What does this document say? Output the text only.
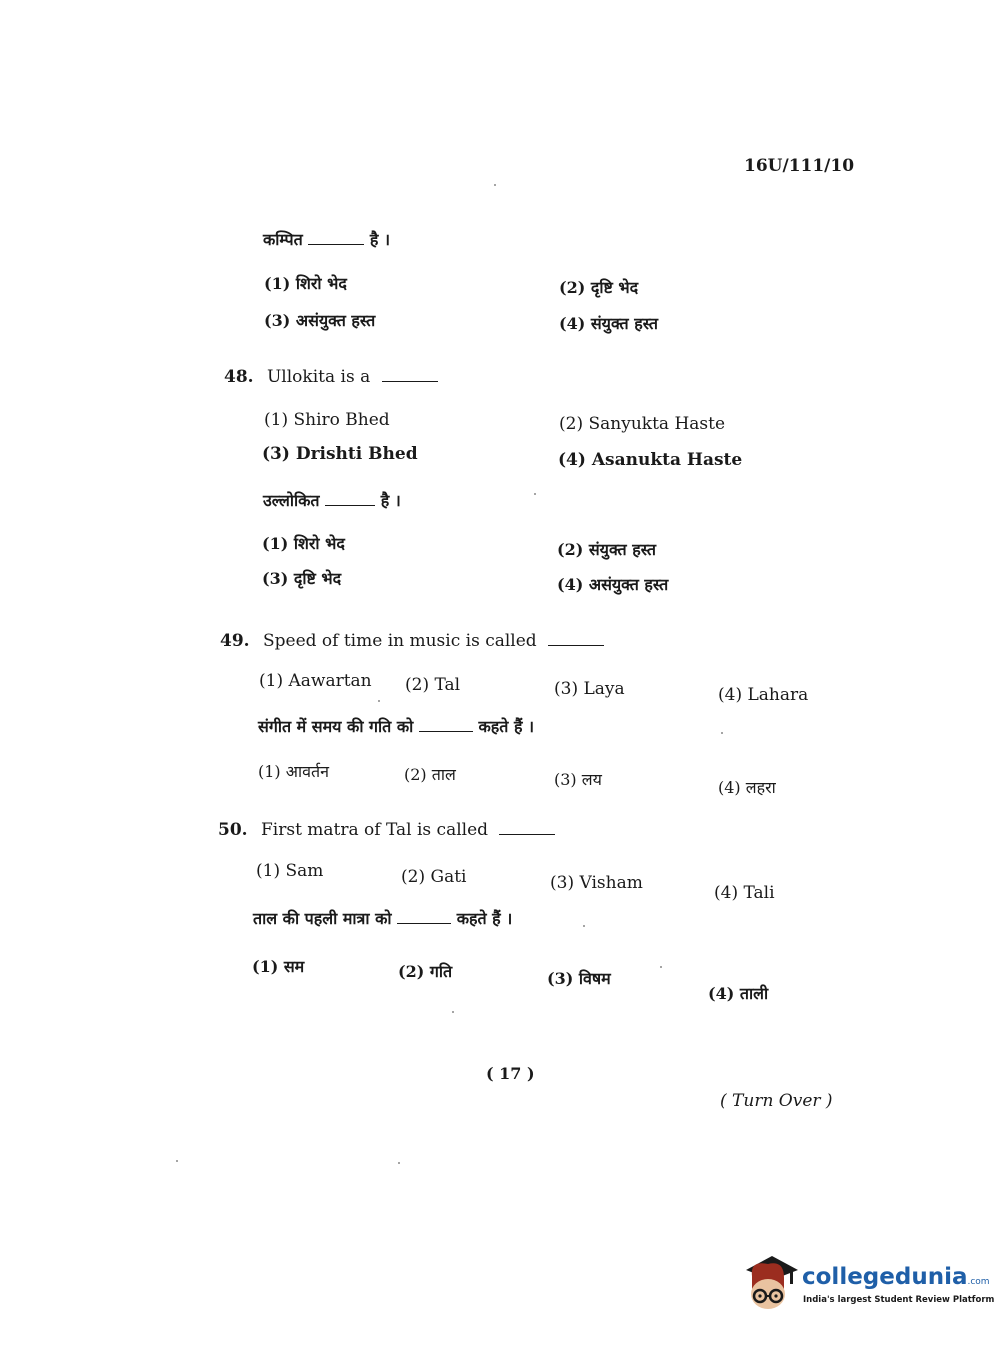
16U/111/10
कम्पित	है ।
(1) शिरो भेद	(2) दृष्टि भेद
(3) असंयुक्त हस्त	(4) संयुक्त हस्त
48. Ullokita is a
(1) Shiro Bhed	(2) Sanyukta Haste
(3) Drishti Bhed	(4) Asanukta Haste
उल्लोकित	है ।
(1) शिरो भेद	(2) संयुक्त हस्त
(3) दृष्टि भेद	(4) असंयुक्त हस्त
49. Speed of time in music is called
(1) Aawartan (2) Tal	(3) Laya	(4) Lahara
संगीत में समय की गति को	कहते हैं ।
(1) आवर्तन	(2) ताल	(3) लय	(4) लहरा
50. First matra of Tal is called
(1) Sam	(2) Gati	(3) Visham	(4) Tali
ताल की पहली मात्रा को	कहते हैं ।
(1) सम	(2) गति	(3) विषम
(4) ताली
( 17 )
( Turn Over )
collegedunia.com
India's largest Student Review Platform
